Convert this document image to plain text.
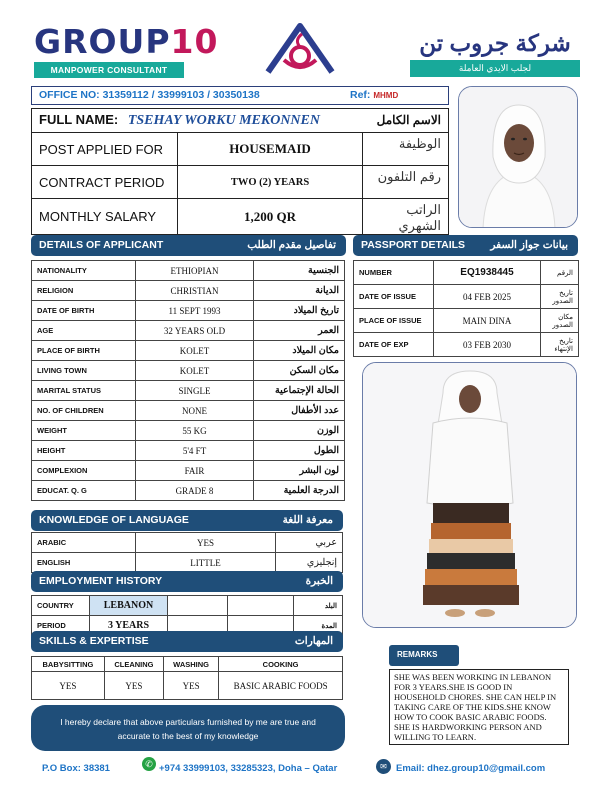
GROUP10
MANPOWER CONSULTANT
شركة جروب تن
لجلب الايدي العاملة
OFFICE NO: 31359112 / 33999103 / 30350138	Ref: MHMD
FULL NAME: TSEHAY WORKU MEKONNEN الاسم الكامل		

POST APPLIED FOR	HOUSEMAID	الوظيفة
CONTRACT PERIOD	TWO (2) YEARS	رقم التلفون
MONTHLY SALARY	1,200 QR	الراتب الشهري
DETAILS OF APPLICANT	تفاصيل مقدم الطلب
NATIONALITY	ETHIOPIAN	الجنسية
RELIGION	CHRISTIAN	الديانة
DATE OF BIRTH	11 SEPT 1993	تاريخ الميلاد
AGE	32 YEARS OLD	العمر
PLACE OF BIRTH	KOLET	مكان الميلاد
LIVING TOWN	KOLET	مكان السكن
MARITAL STATUS	SINGLE	الحالة الإجتماعية
NO. OF CHILDREN	NONE	عدد الأطفال
WEIGHT	55 KG	الوزن
HEIGHT	5'4 FT	الطول
COMPLEXION	FAIR	لون البشر
EDUCAT. Q. G	GRADE 8	الدرجة العلمية
PASSPORT DETAILS بيانات جواز السفر
NUMBER	EQ1938445	الرقم
DATE OF ISSUE	04 FEB 2025	تاريخ الصدور
PLACE OF ISSUE	MAIN DINA	مكان الصدور
DATE OF EXP	03 FEB 2030	تاريخ الإنتهاء
KNOWLEDGE OF LANGUAGE	معرفة اللغة
ARABIC	YES	عربي
ENGLISH	LITTLE	إنجليزي
EMPLOYMENT HISTORY	الخبرة
COUNTRY	LEBANON			البلد
PERIOD	3 YEARS			المدة
SKILLS & EXPERTISE	المهارات
BABYSITTING	CLEANING	WASHING	COOKING
YES	YES	YES	BASIC ARABIC FOODS
REMARKS
SHE WAS BEEN WORKING IN LEBANON FOR 3 YEARS.SHE IS GOOD IN HOUSEHOLD CHORES. SHE CAN HELP IN TAKING CARE OF THE KIDS.SHE KNOW HOW TO COOK BASIC ARABIC FOODS. SHE IS HARDWORKING PERSON AND WILLING TO LEARN.
I hereby declare that above particulars furnished by me are true and accurate to the best of my knowledge
P.O Box: 38381	✆ +974 33999103, 33285323, Doha – Qatar	✉ Email: dhez.group10@gmail.com
